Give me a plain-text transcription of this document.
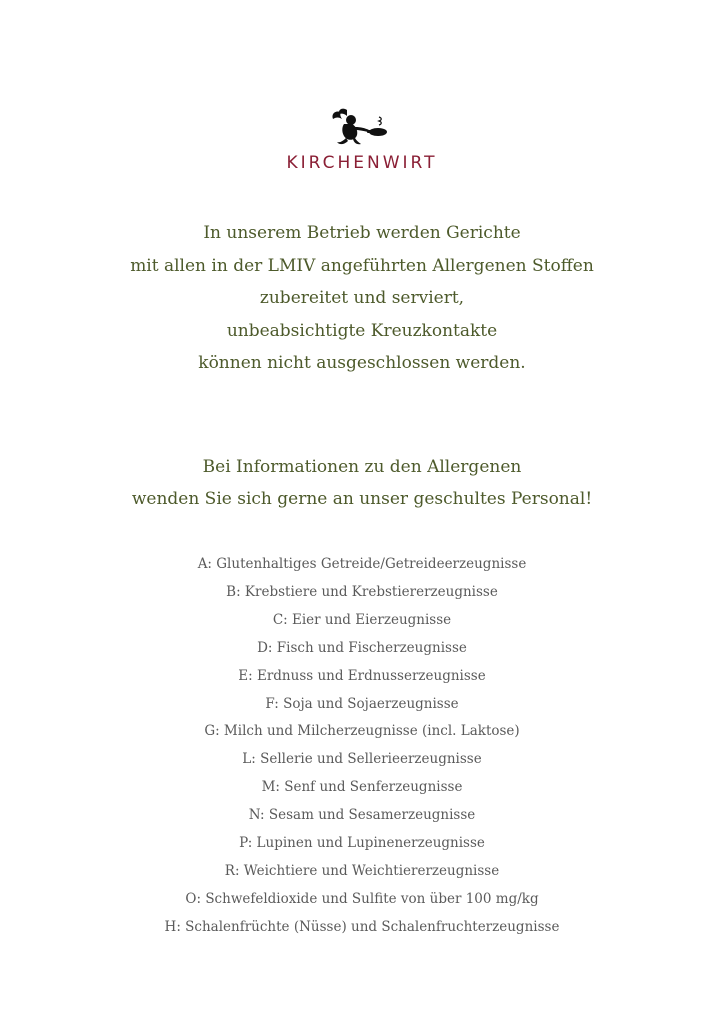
KIRCHENWIRT
In unserem Betrieb werden Gerichte
mit allen in der LMIV angeführten Allergenen Stoffen
zubereitet und serviert,
unbeabsichtigte Kreuzkontakte
können nicht ausgeschlossen werden.
Bei Informationen zu den Allergenen
wenden Sie sich gerne an unser geschultes Personal!
A: Glutenhaltiges Getreide/Getreideerzeugnisse
B: Krebstiere und Krebstiererzeugnisse
C: Eier und Eierzeugnisse
D: Fisch und Fischerzeugnisse
E: Erdnuss und Erdnusserzeugnisse
F: Soja und Sojaerzeugnisse
G: Milch und Milcherzeugnisse (incl. Laktose)
L: Sellerie und Sellerieerzeugnisse
M: Senf und Senferzeugnisse
N: Sesam und Sesamerzeugnisse
P: Lupinen und Lupinenerzeugnisse
R: Weichtiere und Weichtiererzeugnisse
O: Schwefeldioxide und Sulfite von über 100 mg/kg
H: Schalenfrüchte (Nüsse) und Schalenfruchterzeugnisse
